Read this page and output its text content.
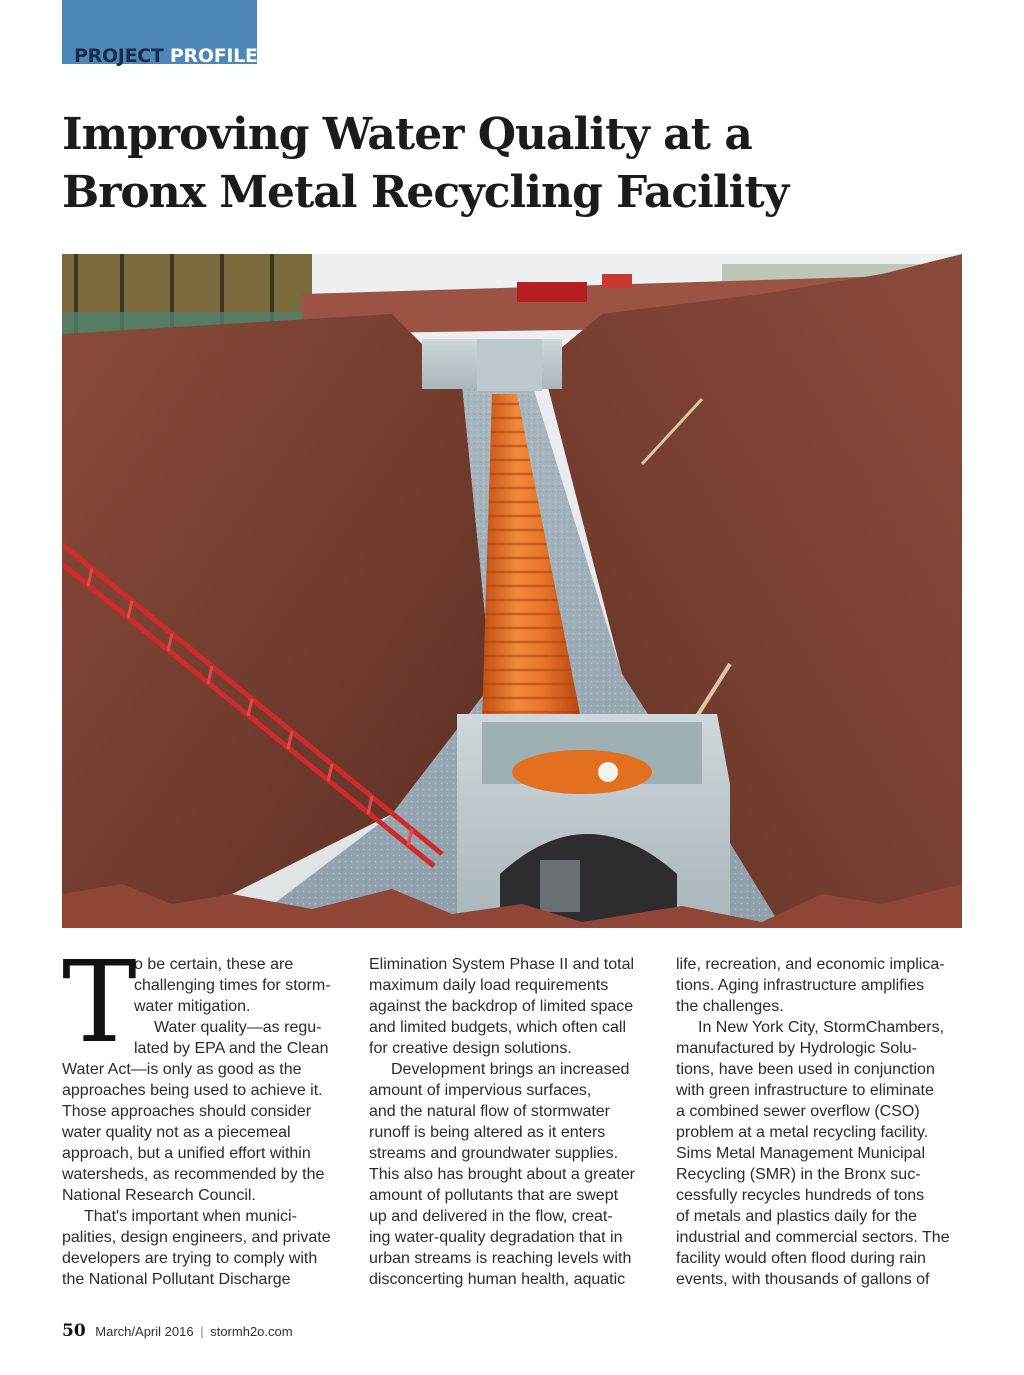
PROJECT PROFILE
Improving Water Quality at a
Bronx Metal Recycling Facility
T

o be certain, these are
challenging times for storm-
water mitigation.
Water quality—as regu-
lated by EPA and the Clean
Water Act—is only as good as the
approaches being used to achieve it.
Those approaches should consider
water quality not as a piecemeal
approach, but a unified effort within
watersheds, as recommended by the
National Research Council.

That's important when munici-
palities, design engineers, and private
developers are trying to comply with
the National Pollutant Discharge

Elimination System Phase II and total
maximum daily load requirements
against the backdrop of limited space
and limited budgets, which often call
for creative design solutions.

Development brings an increased
amount of impervious surfaces,
and the natural flow of stormwater
runoff is being altered as it enters
streams and groundwater supplies.
This also has brought about a greater
amount of pollutants that are swept
up and delivered in the flow, creat-
ing water-quality degradation that in
urban streams is reaching levels with
disconcerting human health, aquatic

life, recreation, and economic implica-
tions. Aging infrastructure amplifies
the challenges.

In New York City, StormChambers,
manufactured by Hydrologic Solu-
tions, have been used in conjunction
with green infrastructure to eliminate
a combined sewer overflow (CSO)
problem at a metal recycling facility.
Sims Metal Management Municipal
Recycling (SMR) in the Bronx suc-
cessfully recycles hundreds of tons
of metals and plastics daily for the
industrial and commercial sectors. The
facility would often flood during rain
events, with thousands of gallons of

50 March/April 2016 | stormh2o.com
